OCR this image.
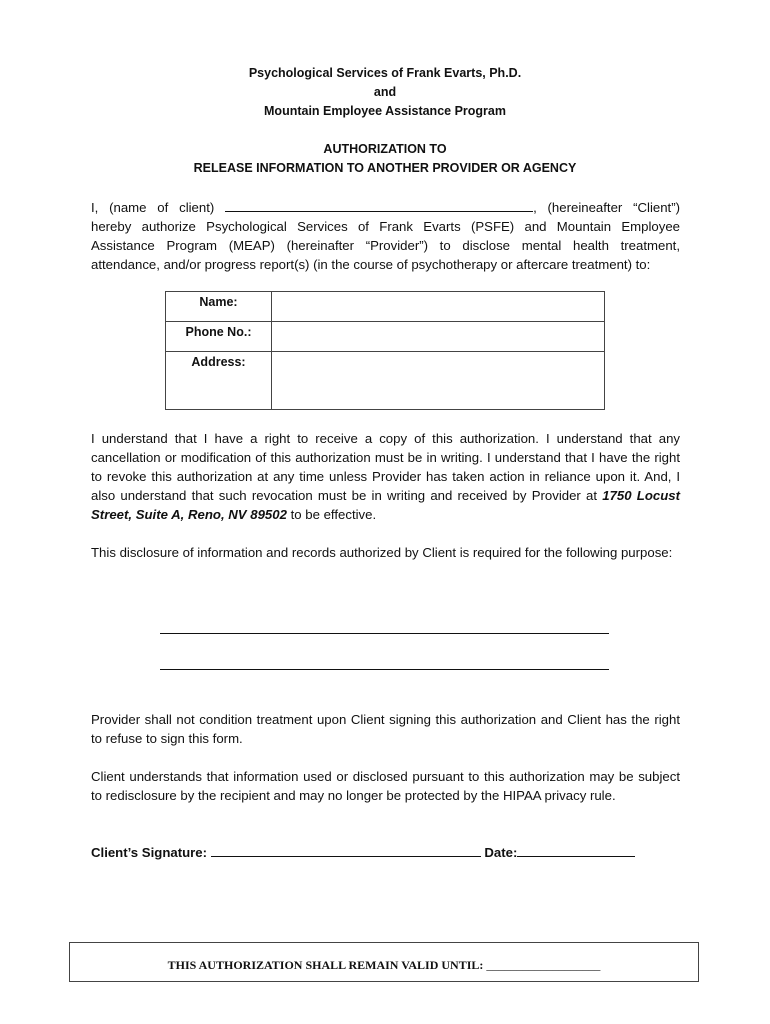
Psychological Services of Frank Evarts, Ph.D.
and
Mountain Employee Assistance Program
AUTHORIZATION TO
RELEASE INFORMATION TO ANOTHER PROVIDER OR AGENCY
I, (name of client)	, (hereineafter “Client”) hereby authorize Psychological Services of Frank Evarts (PSFE) and Mountain Employee Assistance Program (MEAP) (hereinafter “Provider”) to disclose mental health treatment, attendance, and/or progress report(s) (in the course of psychotherapy or aftercare treatment) to:
Name:	
Phone No.:	
Address:	
I understand that I have a right to receive a copy of this authorization. I understand that any cancellation or modification of this authorization must be in writing. I understand that I have the right to revoke this authorization at any time unless Provider has taken action in reliance upon it. And, I also understand that such revocation must be in writing and received by Provider at 1750 Locust Street, Suite A, Reno, NV 89502 to be effective.
This disclosure of information and records authorized by Client is required for the following purpose:
Provider shall not condition treatment upon Client signing this authorization and Client has the right to refuse to sign this form.
Client understands that information used or disclosed pursuant to this authorization may be subject to redisclosure by the recipient and may no longer be protected by the HIPAA privacy rule.
Client’s Signature:	Date:
THIS AUTHORIZATION SHALL REMAIN VALID UNTIL: ___________________
